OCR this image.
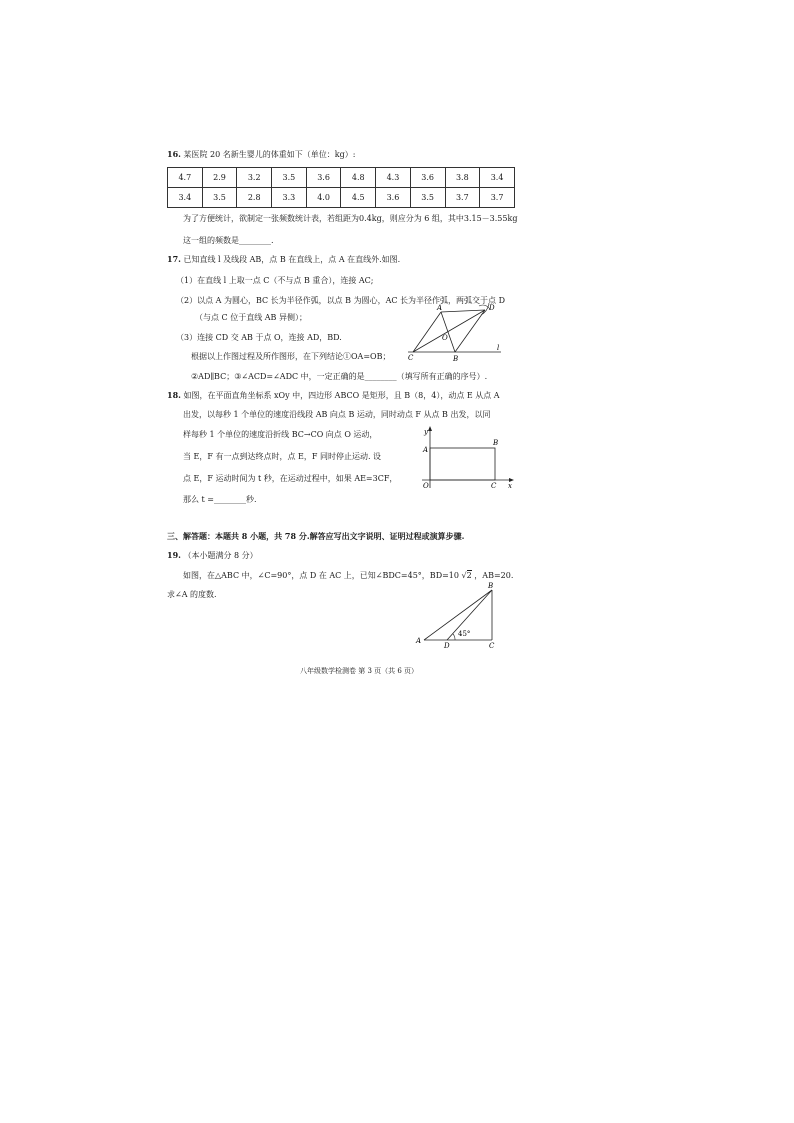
16. 某医院 20 名新生婴儿的体重如下（单位：kg）:
4.7	2.9	3.2	3.5	3.6	4.8	4.3	3.6	3.8	3.4
3.4	3.5	2.8	3.3	4.0	4.5	3.6	3.5	3.7	3.7
为了方便统计，欲制定一张频数统计表，若组距为0.4kg，则应分为 6 组，其中3.15－3.55kg
这一组的频数是________.
17. 已知直线 l 及线段 AB，点 B 在直线上，点 A 在直线外.如图.
（1）在直线 l 上取一点 C（不与点 B 重合），连接 AC;
（2）以点 A 为圆心，BC 长为半径作弧，以点 B 为圆心，AC 长为半径作弧，两弧交于点 D
（与点 C 位于直线 AB 异侧）；
（3）连接 CD 交 AB 于点 O，连接 AD，BD.
根据以上作图过程及所作图形，在下列结论①OA=OB；
②AD∥BC；③∠ACD=∠ADC 中，一定正确的是________（填写所有正确的序号）.
A	D
O
C	B
l
18. 如图，在平面直角坐标系 xOy 中，四边形 ABCO 是矩形，且 B（8，4），动点 E 从点 A
出发，以每秒 1 个单位的速度沿线段 AB 向点 B 运动，同时动点 F 从点 B 出发，以同
样每秒 1 个单位的速度沿折线 BC→CO 向点 O 运动，
当 E，F 有一点到达终点时，点 E，F 同时停止运动. 设
点 E，F 运动时间为 t 秒，在运动过程中，如果 AE=3CF，
那么 t =________秒.
y
A
B
O	C x
三、解答题：本题共 8 小题，共 78 分.解答应写出文字说明、证明过程或演算步骤.
19. （本小题满分 8 分）
如图，在△ABC 中，∠C=90°，点 D 在 AC 上，已知∠BDC=45°，BD=10 √2 ，AB=20.
求∠A 的度数.
45°
B
A
D	C
八年级数学检测卷 第 3 页（共 6 页）
